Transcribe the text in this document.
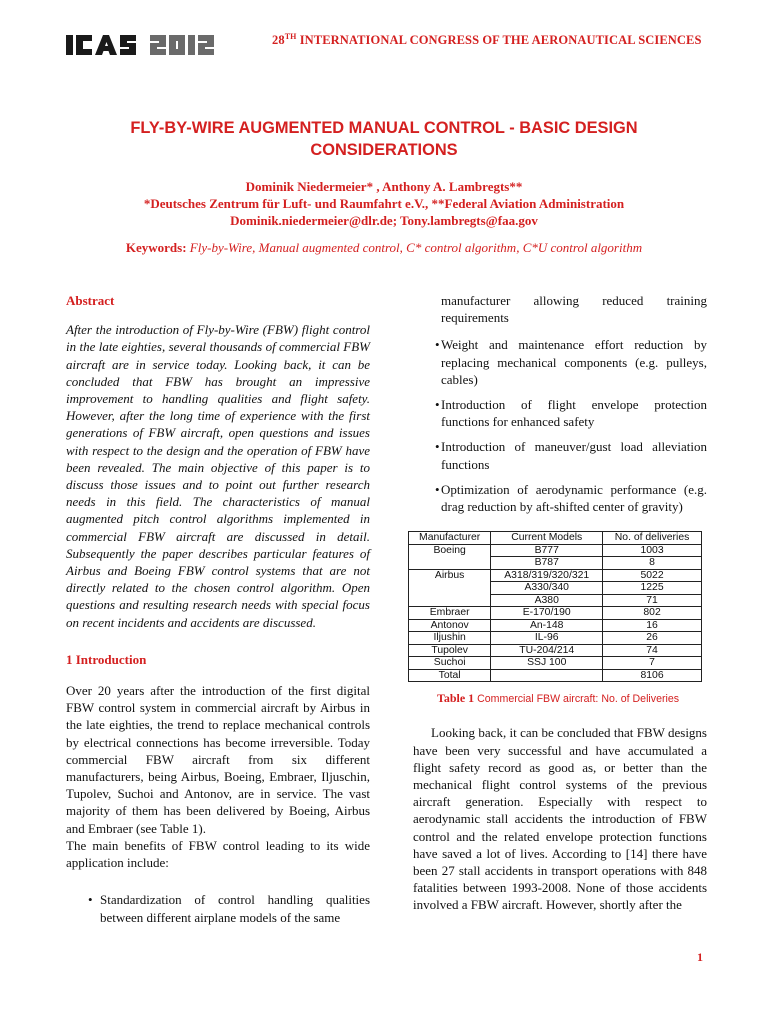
ICAS 2012	28TH INTERNATIONAL CONGRESS OF THE AERONAUTICAL SCIENCES
FLY-BY-WIRE AUGMENTED MANUAL CONTROL - BASIC DESIGN CONSIDERATIONS
Dominik Niedermeier* , Anthony A. Lambregts**
*Deutsches Zentrum für Luft- und Raumfahrt e.V., **Federal Aviation Administration
Dominik.niedermeier@dlr.de; Tony.lambregts@faa.gov
Keywords: Fly-by-Wire, Manual augmented control, C* control algorithm, C*U control algorithm
Abstract

After the introduction of Fly-by-Wire (FBW) flight control in the late eighties, several thousands of commercial FBW aircraft are in service today. Looking back, it can be concluded that FBW has brought an impressive improvement to handling qualities and flight safety. However, after the long time of experience with the first generations of FBW aircraft, open questions and issues with respect to the design and the operation of FBW have been revealed. The main objective of this paper is to discuss those issues and to point out further research needs in this field. The characteristics of manual augmented pitch control algorithms implemented in commercial FBW aircraft are discussed in detail. Subsequently the paper describes particular features of Airbus and Boeing FBW control systems that are not directly related to the chosen control algorithm. Open questions and resulting research needs with special focus on recent incidents and accidents are discussed.

1 Introduction

Over 20 years after the introduction of the first digital FBW control system in commercial aircraft by Airbus in the late eighties, the trend to replace mechanical controls by electrical connections has become irreversible. Today commercial FBW aircraft from six different manufacturers, being Airbus, Boeing, Embraer, Iljuschin, Tupolev, Suchoi and Antonov, are in service. The vast majority of them has been delivered by Boeing, Airbus and Embraer (see Table 1).

The main benefits of FBW control leading to its wide application include:

• Standardization of control handling qualities between different airplane models of the same

manufacturer allowing reduced training requirements

• Weight and maintenance effort reduction by replacing mechanical components (e.g. pulleys, cables)
• Introduction of flight envelope protection functions for enhanced safety
• Introduction of maneuver/gust load alleviation functions
• Optimization of aerodynamic performance (e.g. drag reduction by aft-shifted center of gravity)
Manufacturer	Current Models	No. of deliveries
Boeing	B777	1003
	B787	8
Airbus	A318/319/320/321	5022
	A330/340	1225
	A380	71
Embraer	E-170/190	802
Antonov	An-148	16
Iljushin	IL-96	26
Tupolev	TU-204/214	74
Suchoi	SSJ 100	7
Total		8106
Table 1 Commercial FBW aircraft: No. of Deliveries

Looking back, it can be concluded that FBW designs have been very successful and have accumulated a flight safety record as good as, or better than the mechanical flight control systems of the previous aircraft generation. Especially with respect to aerodynamic stall accidents the introduction of FBW control and the related envelope protection functions have saved a lot of lives. According to [14] there have been 27 stall accidents in transport operations with 848 fatalities between 1993-2008. None of those accidents involved a FBW aircraft. However, shortly after the

1
